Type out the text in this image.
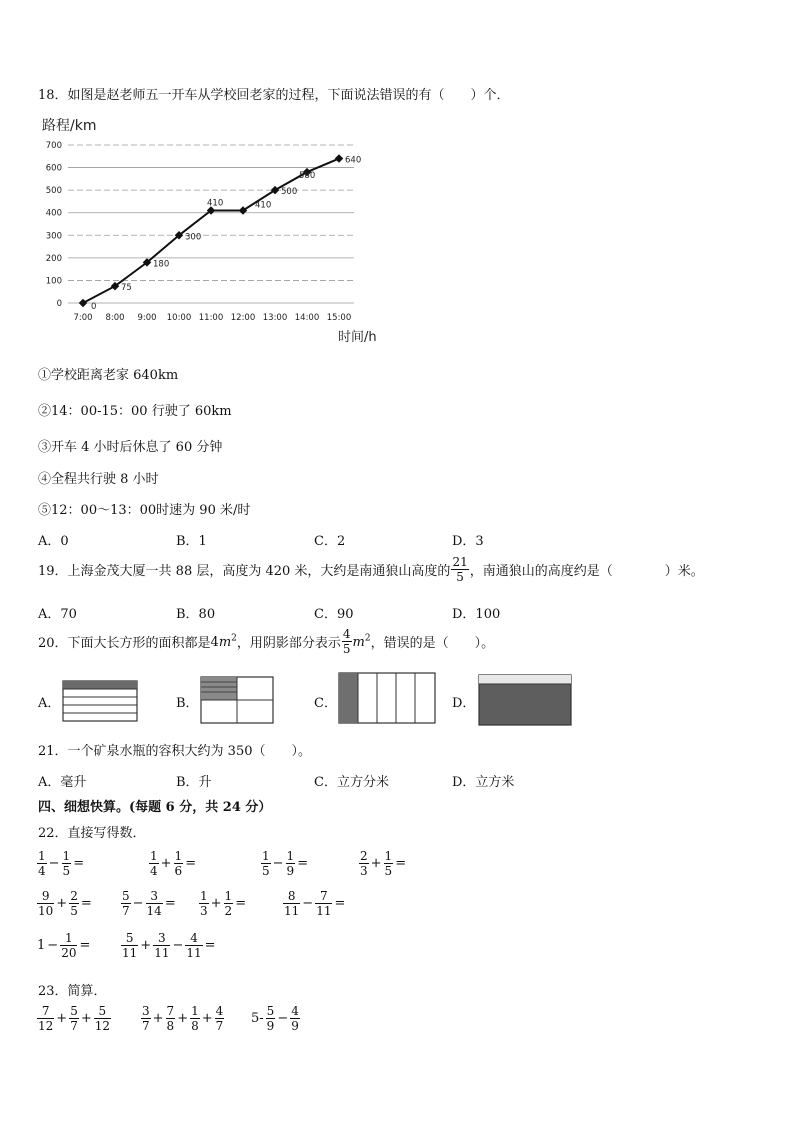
18．如图是赵老师五一开车从学校回老家的过程，下面说法错误的有（　　）个．
路程/km
时间/h
0
100
200
300
400
500
600
700
7:00 8:00 9:00 10:00 11:00 12:00 13:00 14:00 15:00
0
75
180
300
410	410
500
580
640
①学校距离老家 640km
②14：00-15：00 行驶了 60km
③开车 4 小时后休息了 60 分钟
④全程共行驶 8 小时
⑤12：00～13：00时速为 90 米/时
A．0	B．1	C．2	D．3
19．上海金茂大厦一共 88 层，高度为 420 米，大约是南通狼山高度的 $\frac{21}{5}$ ，南通狼山的高度约是（　　　　）米。
A．70	B．80	C．90	D．100
20．下面大长方形的面积都是$4m^2$，用阴影部分表示 $\frac{4}{5} m^2$，错误的是（　　）。
A．	B．	C．	D．
21．一个矿泉水瓶的容积大约为 350（　　）。
A．毫升	B．升	C．立方分米	D．立方米
四、细想快算。(每题 6 分，共 24 分）
22．直接写得数．
$\frac{1}{4} - \frac{1}{5}$ =	$\frac{1}{4} + \frac{1}{6}$ =	$\frac{1}{5} - \frac{1}{9}$ =	$\frac{2}{3} + \frac{1}{5}$ =
$\frac{9}{10} + \frac{2}{5} = \frac{5}{7} - \frac{3}{14} = \frac{1}{3} + \frac{1}{2}$ =	$\frac{8}{11} - \frac{7}{11}$ =
$1 - \frac{1}{20}$ =	$\frac{5}{11} + \frac{3}{11} - \frac{4}{11}$ =
23．简算．
$\frac{7}{12} + \frac{5}{7} + \frac{5}{12} \frac{3}{7} + \frac{7}{8} + \frac{1}{8} + \frac{4}{7} 5- \frac{5}{9} - \frac{4}{9}$
